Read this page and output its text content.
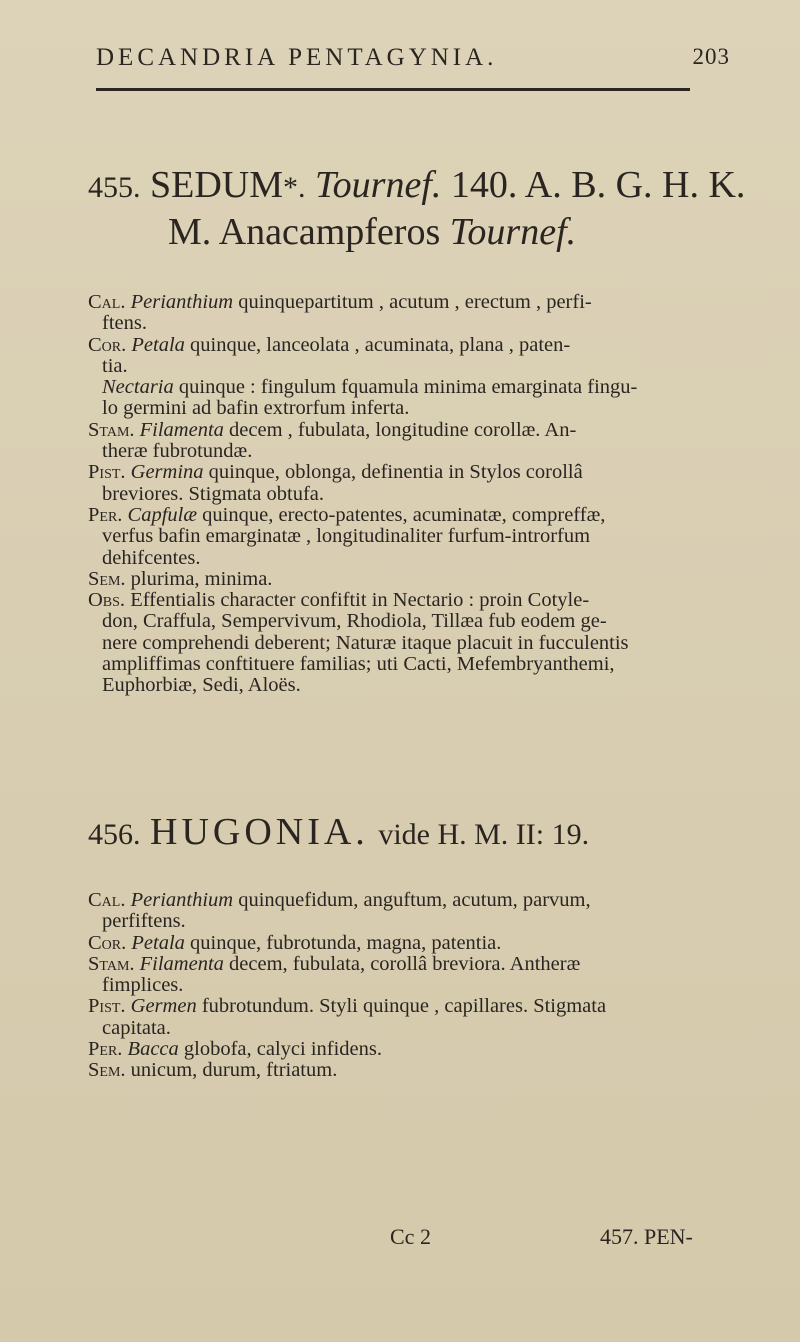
DECANDRIA PENTAGYNIA.	203
455. SEDUM*. Tournef. 140. A. B. G. H. K.
M. Anacampferos Tournef.
Cal. Perianthium quinquepartitum , acutum , erectum , perfi-
ftens.
Cor. Petala quinque, lanceolata , acuminata, plana , paten-
tia.
Nectaria quinque : fingulum fquamula minima emarginata fingu-
lo germini ad bafin extrorfum inferta.
Stam. Filamenta decem , fubulata, longitudine corollæ. An-
theræ fubrotundæ.
Pist. Germina quinque, oblonga, definentia in Stylos corollâ
breviores. Stigmata obtufa.
Per. Capfulæ quinque, erecto-patentes, acuminatæ, compreffæ,
verfus bafin emarginatæ , longitudinaliter furfum-introrfum
dehifcentes.
Sem. plurima, minima.
Obs. Effentialis character confiftit in Nectario : proin Cotyle-
don, Craffula, Sempervivum, Rhodiola, Tillæa fub eodem ge-
nere comprehendi deberent; Naturæ itaque placuit in fucculentis
ampliffimas conftituere familias; uti Cacti, Mefembryanthemi,
Euphorbiæ, Sedi, Aloës.
456. HUGONIA. vide H. M. II: 19.
Cal. Perianthium quinquefidum, anguftum, acutum, parvum,
perfiftens.
Cor. Petala quinque, fubrotunda, magna, patentia.
Stam. Filamenta decem, fubulata, corollâ breviora. Antheræ
fimplices.
Pist. Germen fubrotundum. Styli quinque , capillares. Stigmata
capitata.
Per. Bacca globofa, calyci infidens.
Sem. unicum, durum, ftriatum.
Cc 2	457. PEN-
